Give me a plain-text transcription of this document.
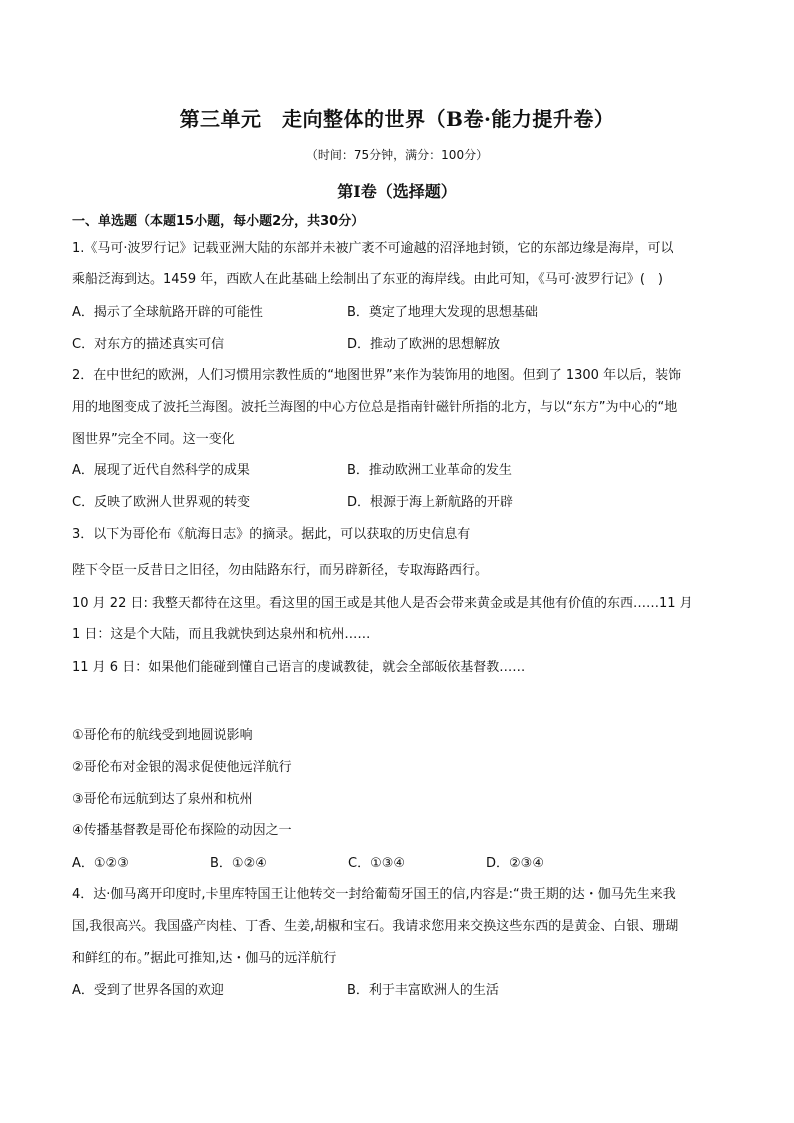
第三单元　走向整体的世界（B卷·能力提升卷）
（时间：75分钟，满分：100分）
第Ⅰ卷（选择题）
一、单选题（本题15小题，每小题2分，共30分）
1.《马可·波罗行记》记载亚洲大陆的东部并未被广袤不可逾越的沼泽地封锁，它的东部边缘是海岸，可以
乘船泛海到达。1459 年，西欧人在此基础上绘制出了东亚的海岸线。由此可知，《马可·波罗行记》(　)
A．揭示了全球航路开辟的可能性	B．奠定了地理大发现的思想基础
C．对东方的描述真实可信	D．推动了欧洲的思想解放
2．在中世纪的欧洲，人们习惯用宗教性质的“地图世界”来作为装饰用的地图。但到了 1300 年以后，装饰
用的地图变成了波托兰海图。波托兰海图的中心方位总是指南针磁针所指的北方，与以“东方”为中心的“地
图世界”完全不同。这一变化
A．展现了近代自然科学的成果	B．推动欧洲工业革命的发生
C．反映了欧洲人世界观的转变	D．根源于海上新航路的开辟
3．以下为哥伦布《航海日志》的摘录。据此，可以获取的历史信息有
陛下令臣一反昔日之旧径，勿由陆路东行，而另辟新径，专取海路西行。
10 月 22 日: 我整天都待在这里。看这里的国王或是其他人是否会带来黄金或是其他有价值的东西……11 月
1 日：这是个大陆，而且我就快到达泉州和杭州……
11 月 6 日：如果他们能碰到懂自己语言的虔诚教徒，就会全部皈依基督教……
①哥伦布的航线受到地圆说影响
②哥伦布对金银的渴求促使他远洋航行
③哥伦布远航到达了泉州和杭州
④传播基督教是哥伦布探险的动因之一
A．①②③	B．①②④	C．①③④	D．②③④
4．达·伽马离开印度时,卡里库特国王让他转交一封给葡萄牙国王的信,内容是:“贵王期的达・伽马先生来我
国,我很高兴。我国盛产肉桂、丁香、生姜,胡椒和宝石。我请求您用来交换这些东西的是黄金、白银、珊瑚
和鲜红的布。”据此可推知,达・伽马的远洋航行
A．受到了世界各国的欢迎	B．利于丰富欧洲人的生活
